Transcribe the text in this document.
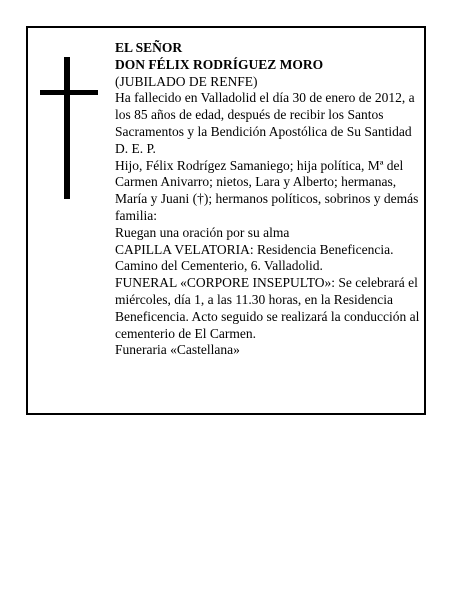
EL SEÑOR

DON FÉLIX RODRÍGUEZ MORO

(JUBILADO DE RENFE)

Ha fallecido en Valladolid el día 30 de enero de 2012, a los 85 años de edad, después de recibir los Santos Sacramentos y la Bendición Apostólica de Su Santidad D. E. P.

Hijo, Félix Rodrígez Samaniego; hija política, Mª del Carmen Anivarro; nietos, Lara y Alberto; hermanas, María y Juani (†); hermanos políticos, sobrinos y demás familia:

Ruegan una oración por su alma

CAPILLA VELATORIA: Residencia Beneficencia. Camino del Cementerio, 6. Valladolid.

FUNERAL «CORPORE INSEPULTO»: Se celebrará el miércoles, día 1, a las 11.30 horas, en la Residencia Beneficencia. Acto seguido se realizará la conducción al cementerio de El Carmen.

Funeraria «Castellana»
